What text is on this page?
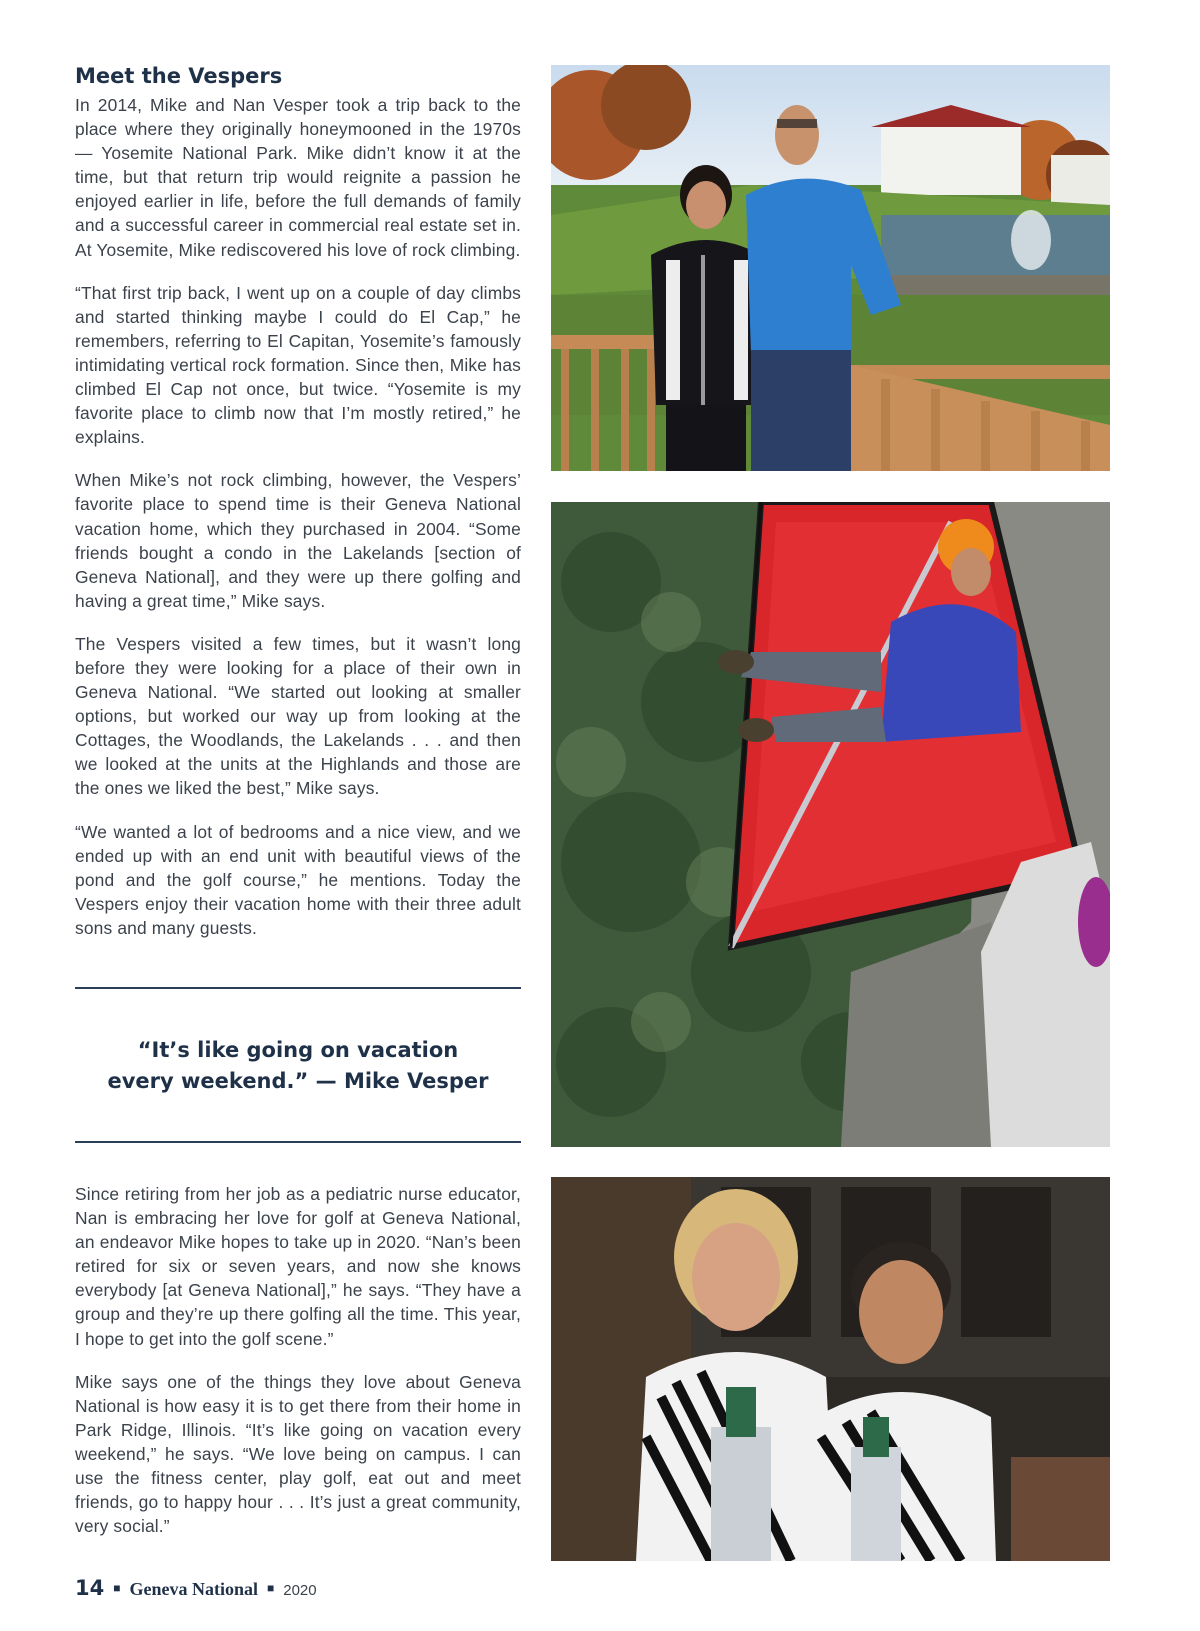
Meet the Vespers

In 2014, Mike and Nan Vesper took a trip back to the place where they originally honeymooned in the 1970s — Yosemite National Park. Mike didn’t know it at the time, but that return trip would reignite a passion he enjoyed earlier in life, before the full demands of family and a successful career in commercial real estate set in. At Yosemite, Mike rediscovered his love of rock climbing.

“That first trip back, I went up on a couple of day climbs and started thinking maybe I could do El Cap,” he remembers, referring to El Capitan, Yosemite’s famously intimidating vertical rock formation. Since then, Mike has climbed El Cap not once, but twice. “Yosemite is my favorite place to climb now that I’m mostly retired,” he explains.

When Mike’s not rock climbing, however, the Vespers’ favorite place to spend time is their Geneva National vacation home, which they purchased in 2004. “Some friends bought a condo in the Lakelands [section of Geneva National], and they were up there golfing and having a great time,” Mike says.

The Vespers visited a few times, but it wasn’t long before they were looking for a place of their own in Geneva National. “We started out looking at smaller options, but worked our way up from looking at the Cottages, the Woodlands, the Lakelands . . . and then we looked at the units at the Highlands and those are the ones we liked the best,” Mike says.

“We wanted a lot of bedrooms and a nice view, and we ended up with an end unit with beautiful views of the pond and the golf course,” he mentions. Today the Vespers enjoy their vacation home with their three adult sons and many guests.

“It’s like going on vacation
every weekend.” — Mike Vesper

Since retiring from her job as a pediatric nurse educator, Nan is embracing her love for golf at Geneva National, an endeavor Mike hopes to take up in 2020. “Nan’s been retired for six or seven years, and now she knows everybody [at Geneva National],” he says. “They have a group and they’re up there golfing all the time. This year, I hope to get into the golf scene.”

Mike says one of the things they love about Geneva National is how easy it is to get there from their home in Park Ridge, Illinois. “It’s like going on vacation every weekend,” he says. “We love being on campus. I can use the fitness center, play golf, eat out and meet friends, go to happy hour . . . It’s just a great community, very social.”

14 ■ Geneva National ■ 2020
